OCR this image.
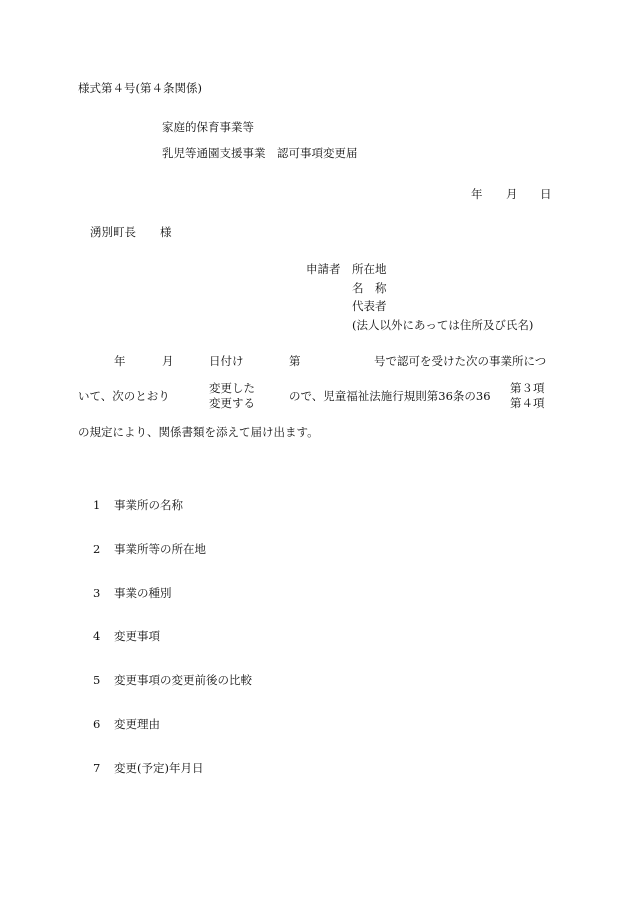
様式第４号(第４条関係)
家庭的保育事業等
乳児等通園支援事業　認可事項変更届
年 月 日
湧別町長 様
申請者 所在地
名　称
代表者
(法人以外にあっては住所及び氏名)
年	月	日付け	第	号で認可を受けた次の事業所につ
いて、次のとおり
変更した
変更する	ので、児童福祉法施行規則第36条の36
第３項
第４項
の規定により、関係書類を添えて届け出ます。
1 事業所の名称
2 事業所等の所在地
3 事業の種別
4 変更事項
5 変更事項の変更前後の比較
6 変更理由
7 変更(予定)年月日
